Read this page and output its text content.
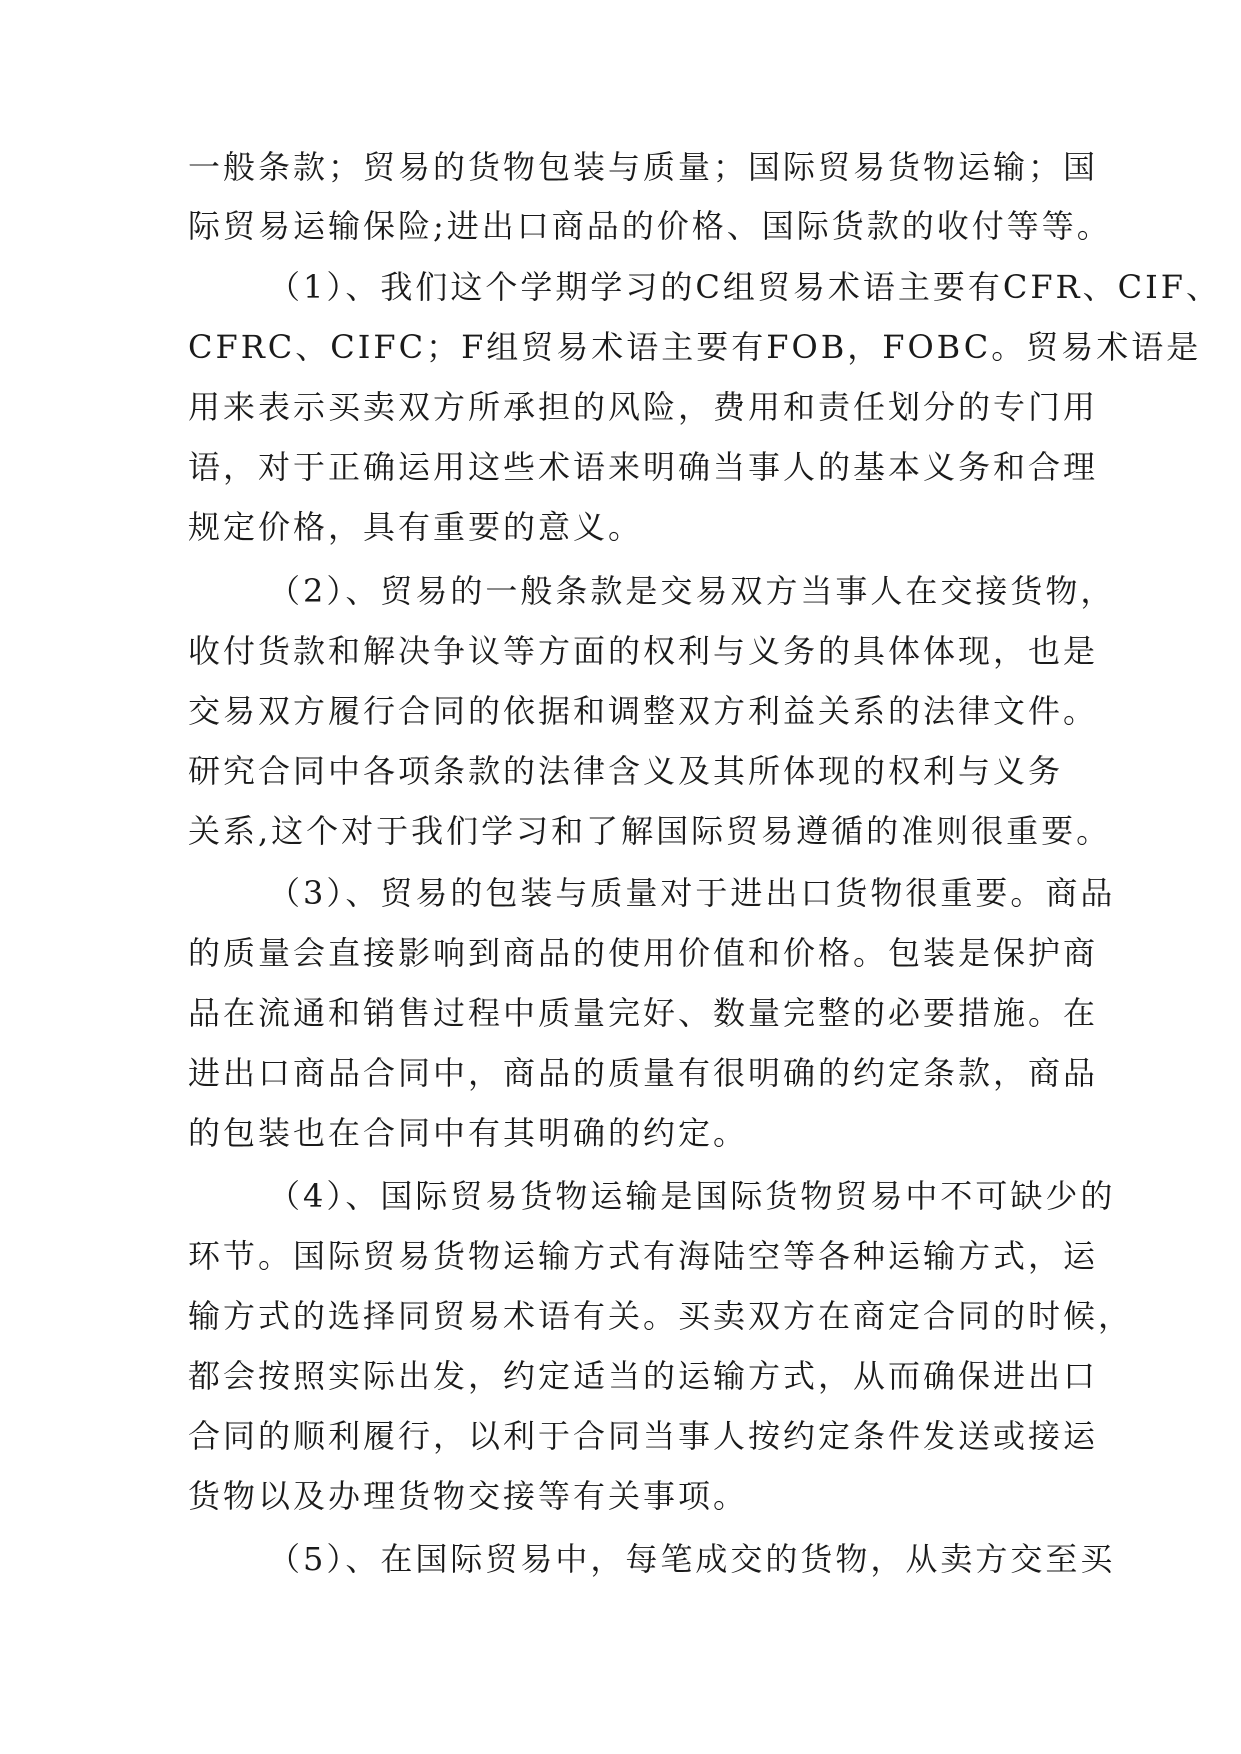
一般条款；贸易的货物包装与质量；国际贸易货物运输；国
际贸易运输保险;进出口商品的价格、国际货款的收付等等。
（1）、我们这个学期学习的C组贸易术语主要有CFR、CIF、
CFRC、CIFC；F组贸易术语主要有FOB，FOBC。贸易术语是
用来表示买卖双方所承担的风险，费用和责任划分的专门用
语，对于正确运用这些术语来明确当事人的基本义务和合理
规定价格，具有重要的意义。
（2）、贸易的一般条款是交易双方当事人在交接货物，
收付货款和解决争议等方面的权利与义务的具体体现，也是
交易双方履行合同的依据和调整双方利益关系的法律文件。
研究合同中各项条款的法律含义及其所体现的权利与义务
关系,这个对于我们学习和了解国际贸易遵循的准则很重要。
（3）、贸易的包装与质量对于进出口货物很重要。商品
的质量会直接影响到商品的使用价值和价格。包装是保护商
品在流通和销售过程中质量完好、数量完整的必要措施。在
进出口商品合同中，商品的质量有很明确的约定条款，商品
的包装也在合同中有其明确的约定。
（4）、国际贸易货物运输是国际货物贸易中不可缺少的
环节。国际贸易货物运输方式有海陆空等各种运输方式，运
输方式的选择同贸易术语有关。买卖双方在商定合同的时候，
都会按照实际出发，约定适当的运输方式，从而确保进出口
合同的顺利履行，以利于合同当事人按约定条件发送或接运
货物以及办理货物交接等有关事项。
（5）、在国际贸易中，每笔成交的货物，从卖方交至买
